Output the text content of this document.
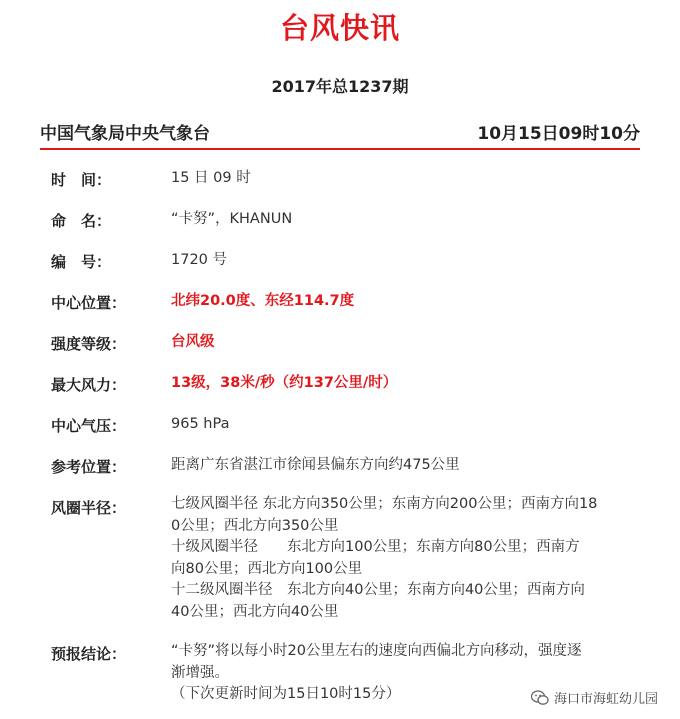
台风快讯
2017年总1237期
中国气象局中央气象台	10月15日09时10分
时　间：	15 日 09 时
命　名：	“卡努”，KHANUN
编　号：	1720 号
中心位置：	北纬20.0度、东经114.7度
强度等级：	台风级
最大风力：	13级，38米/秒（约137公里/时）
中心气压：	965 hPa
参考位置：	距离广东省湛江市徐闻县偏东方向约475公里
风圈半径：	七级风圈半径 东北方向350公里；东南方向200公里；西南方向18
0公里；西北方向350公里
十级风圈半径　　东北方向100公里；东南方向80公里；西南方
向80公里；西北方向100公里
十二级风圈半径　东北方向40公里；东南方向40公里；西南方向
40公里；西北方向40公里
预报结论：	“卡努”将以每小时20公里左右的速度向西偏北方向移动，强度逐
渐增强。
（下次更新时间为15日10时15分）	海口市海虹幼儿园
